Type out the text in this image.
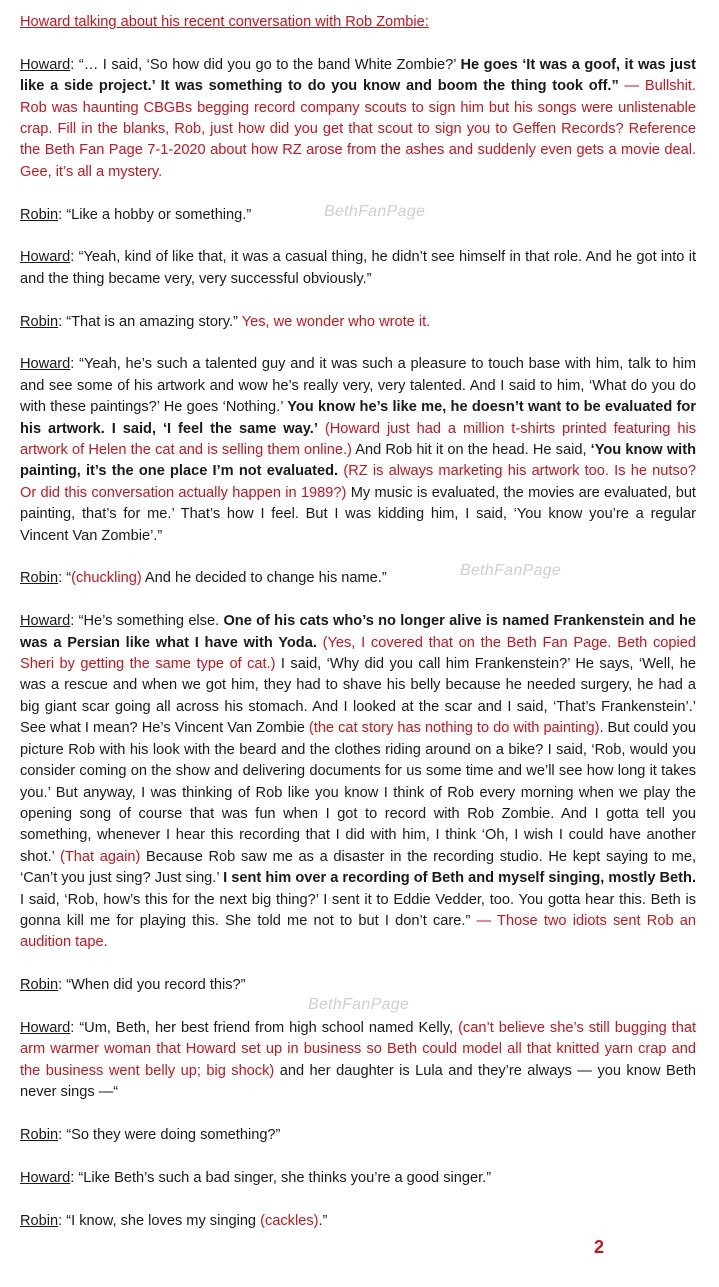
Howard talking about his recent conversation with Rob Zombie:

Howard: “… I said, ‘So how did you go to the band White Zombie?’ He goes ‘It was a goof, it was just like a side project.’ It was something to do you know and boom the thing took off.” — Bullshit. Rob was haunting CBGBs begging record company scouts to sign him but his songs were unlistenable crap. Fill in the blanks, Rob, just how did you get that scout to sign you to Geffen Records? Reference the Beth Fan Page 7-1-2020 about how RZ arose from the ashes and suddenly even gets a movie deal. Gee, it’s all a mystery.

Robin: “Like a hobby or something.”

Howard: “Yeah, kind of like that, it was a casual thing, he didn’t see himself in that role. And he got into it and the thing became very, very successful obviously.”

Robin: “That is an amazing story.” Yes, we wonder who wrote it.

Howard: “Yeah, he’s such a talented guy and it was such a pleasure to touch base with him, talk to him and see some of his artwork and wow he’s really very, very talented. And I said to him, ‘What do you do with these paintings?’ He goes ‘Nothing.’ You know he’s like me, he doesn’t want to be evaluated for his artwork. I said, ‘I feel the same way.’ (Howard just had a million t-shirts printed featuring his artwork of Helen the cat and is selling them online.) And Rob hit it on the head. He said, ‘You know with painting, it’s the one place I’m not evaluated. (RZ is always marketing his artwork too. Is he nutso? Or did this conversation actually happen in 1989?) My music is evaluated, the movies are evaluated, but painting, that’s for me.’ That’s how I feel. But I was kidding him, I said, ‘You know you’re a regular Vincent Van Zombie’.”

Robin: “(chuckling) And he decided to change his name.”

Howard: “He’s something else. One of his cats who’s no longer alive is named Frankenstein and he was a Persian like what I have with Yoda. (Yes, I covered that on the Beth Fan Page. Beth copied Sheri by getting the same type of cat.) I said, ‘Why did you call him Frankenstein?’ He says, ‘Well, he was a rescue and when we got him, they had to shave his belly because he needed surgery, he had a big giant scar going all across his stomach. And I looked at the scar and I said, ‘That’s Frankenstein’.’ See what I mean? He’s Vincent Van Zombie (the cat story has nothing to do with painting). But could you picture Rob with his look with the beard and the clothes riding around on a bike? I said, ‘Rob, would you consider coming on the show and delivering documents for us some time and we’ll see how long it takes you.’ But anyway, I was thinking of Rob like you know I think of Rob every morning when we play the opening song of course that was fun when I got to record with Rob Zombie. And I gotta tell you something, whenever I hear this recording that I did with him, I think ‘Oh, I wish I could have another shot.’ (That again) Because Rob saw me as a disaster in the recording studio. He kept saying to me, ‘Can’t you just sing? Just sing.’ I sent him over a recording of Beth and myself singing, mostly Beth. I said, ‘Rob, how’s this for the next big thing?’ I sent it to Eddie Vedder, too. You gotta hear this. Beth is gonna kill me for playing this. She told me not to but I don’t care.” — Those two idiots sent Rob an audition tape.

Robin: “When did you record this?”

Howard: “Um, Beth, her best friend from high school named Kelly, (can’t believe she’s still bugging that arm warmer woman that Howard set up in business so Beth could model all that knitted yarn crap and the business went belly up; big shock) and her daughter is Lula and they’re always — you know Beth never sings —“

Robin: “So they were doing something?”

Howard: “Like Beth’s such a bad singer, she thinks you’re a good singer.”

Robin: “I know, she loves my singing (cackles).”

BethFanPage
BethFanPage
BethFanPage
2
